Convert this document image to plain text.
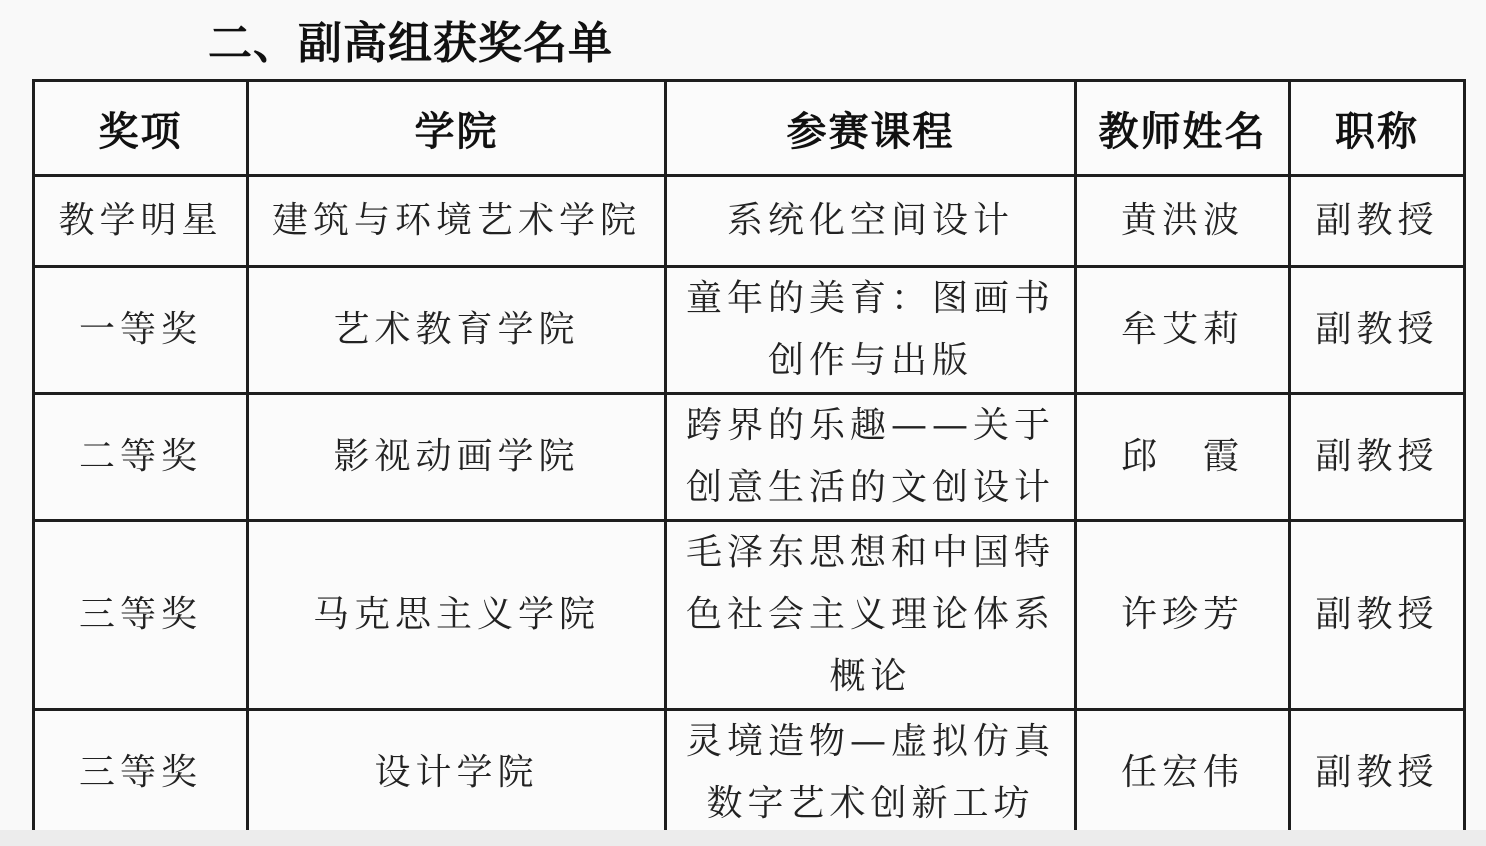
二、副高组获奖名单
奖项	学院	参赛课程	教师姓名	职称
教学明星	建筑与环境艺术学院	系统化空间设计	黄洪波	副教授
一等奖	艺术教育学院	童年的美育：图画书创作与出版	牟艾莉	副教授
二等奖	影视动画学院	跨界的乐趣——关于创意生活的文创设计	邱　霞	副教授
三等奖	马克思主义学院	毛泽东思想和中国特色社会主义理论体系概论	许珍芳	副教授
三等奖	设计学院	灵境造物—虚拟仿真数字艺术创新工坊	任宏伟	副教授
